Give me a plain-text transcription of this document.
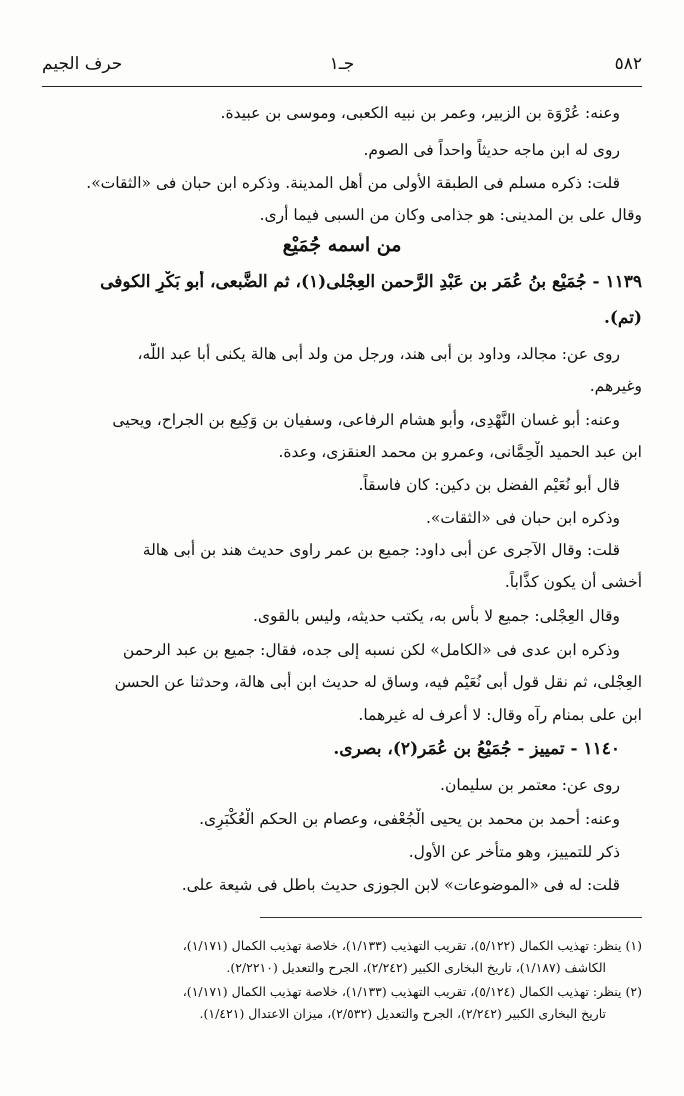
٥٨٢
جـ١
حرف الجيم
وعنه: عُرْوَة بن الزبير، وعمر بن نبيه الكعبى، وموسى بن عبيدة.
روى له ابن ماجه حديثاً واحداً فى الصوم.
قلت: ذكره مسلم فى الطبقة الأولى من أهل المدينة. وذكره ابن حبان فى «الثقات».
وقال على بن المدينى: هو جذامى وكان من السبى فيما أرى.
من اسمه جُمَيْع
١١٣٩ - جُمَيْع بنُ عُمَر بن عَبْدِ الرَّحمن العِجْلى(١)، ثم الضَّبعى، أبو بَكْرٍ الكوفى
(تم).
روى عن: مجالد، وداود بن أبى هند، ورجل من ولد أبى هالة يكنى أبا عبد اللّٰه،
وغيرهم.
وعنه: أبو غسان النَّهْدِى، وأبو هشام الرفاعى، وسفيان بن وَكِيع بن الجراح، ويحيى
ابن عبد الحميد الْحِمَّانى، وعمرو بن محمد العنقزى، وعدة.
قال أبو نُعَيْم الفضل بن دكين: كان فاسقاً.
وذكره ابن حبان فى «الثقات».
قلت: وقال الآجرى عن أبى داود: جميع بن عمر راوى حديث هند بن أبى هالة
أخشى أن يكون كذَّاباً.
وقال العِجْلى: جميع لا بأس به، يكتب حديثه، وليس بالقوى.
وذكره ابن عدى فى «الكامل» لكن نسبه إلى جده، فقال: جميع بن عبد الرحمن
العِجْلى، ثم نقل قول أبى نُعَيْم فيه، وساق له حديث ابن أبى هالة، وحدثنا عن الحسن
ابن على بمنام رآه وقال: لا أعرف له غيرهما.
١١٤٠ - تمييز - جُمَيْعُ بن عُمَر(٢)، بصرى.
روى عن: معتمر بن سليمان.
وعنه: أحمد بن محمد بن يحيى الْجُعْفى، وعصام بن الحكم الْعُكْبَرِى.
ذكر للتمييز، وهو متأخر عن الأول.
قلت: له فى «الموضوعات» لابن الجوزى حديث باطل فى شيعة على.
(١) ينظر: تهذيب الكمال (٥/١٢٢)، تقريب التهذيب (١/١٣٣)، خلاصة تهذيب الكمال (١/١٧١)،
الكاشف (١/١٨٧)، تاريخ البخارى الكبير (٢/٢٤٢)، الجرح والتعديل (٢/٢٢١٠).
(٢) ينظر: تهذيب الكمال (٥/١٢٤)، تقريب التهذيب (١/١٣٣)، خلاصة تهذيب الكمال (١/١٧١)،
تاريخ البخارى الكبير (٢/٢٤٢)، الجرح والتعديل (٢/٥٣٢)، ميزان الاعتدال (١/٤٢١).
